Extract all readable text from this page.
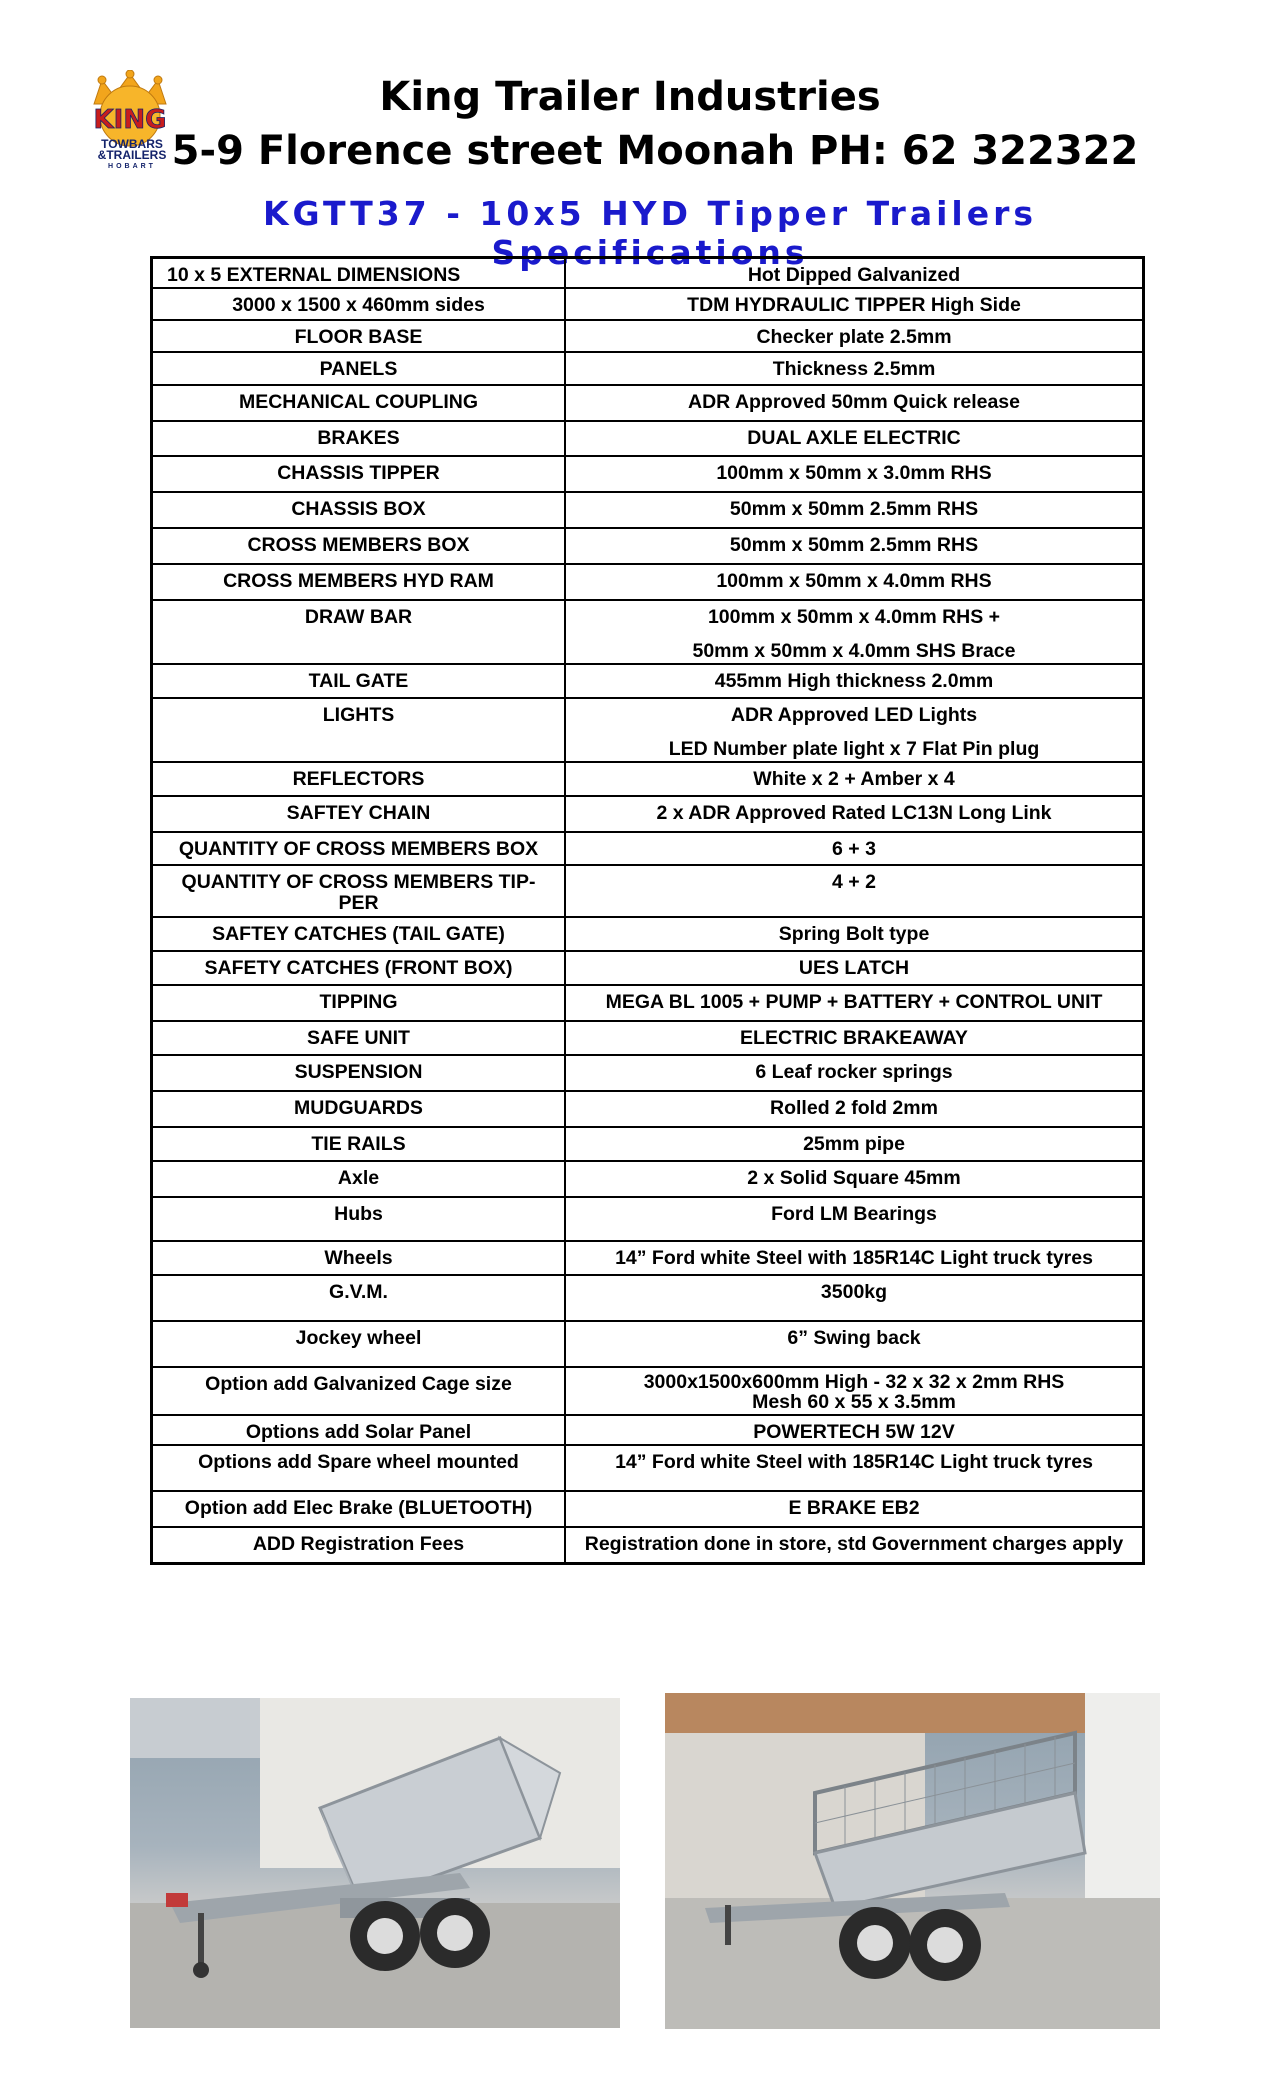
KING
TOWBARS
&TRAILERS
HOBART
King Trailer Industries
5-9 Florence street Moonah PH: 62 322322
KGTT37 - 10x5 HYD Tipper Trailers Specifications
10 x 5 EXTERNAL DIMENSIONS	Hot Dipped Galvanized

3000 x 1500 x 460mm sides	TDM HYDRAULIC TIPPER High Side

FLOOR BASE	Checker plate 2.5mm

PANELS	Thickness 2.5mm

MECHANICAL COUPLING	ADR Approved 50mm Quick release

BRAKES	DUAL AXLE ELECTRIC

CHASSIS TIPPER	100mm x 50mm x 3.0mm RHS

CHASSIS BOX	50mm x 50mm 2.5mm RHS

CROSS MEMBERS BOX	50mm x 50mm 2.5mm RHS

CROSS MEMBERS HYD RAM	100mm x 50mm x 4.0mm RHS

DRAW BAR	100mm x 50mm x 4.0mm RHS +
50mm x 50mm x 4.0mm SHS Brace

TAIL GATE	455mm High thickness 2.0mm

LIGHTS	ADR Approved LED Lights
LED Number plate light x 7 Flat Pin plug

REFLECTORS	White x 2 + Amber x 4

SAFTEY CHAIN	2 x ADR Approved Rated LC13N Long Link

QUANTITY OF CROSS MEMBERS BOX	6 + 3

QUANTITY OF CROSS MEMBERS TIP-
PER	4 + 2

SAFTEY CATCHES (TAIL GATE)	Spring Bolt type

SAFETY CATCHES (FRONT BOX)	UES LATCH

TIPPING	MEGA BL 1005 + PUMP + BATTERY + CONTROL UNIT

SAFE UNIT	ELECTRIC BRAKEAWAY

SUSPENSION	6 Leaf rocker springs

MUDGUARDS	Rolled 2 fold 2mm

TIE RAILS	25mm pipe

Axle	2 x Solid Square 45mm

Hubs	Ford LM Bearings

Wheels	14” Ford white Steel with 185R14C Light truck tyres

G.V.M.	3500kg

Jockey wheel	6” Swing back

Option add Galvanized Cage size	3000x1500x600mm High - 32 x 32 x 2mm RHS
Mesh 60 x 55 x 3.5mm

Options add Solar Panel	POWERTECH 5W 12V

Options add Spare wheel mounted	14” Ford white Steel with 185R14C Light truck tyres

Option add Elec Brake (BLUETOOTH)	E BRAKE EB2

ADD Registration Fees	Registration done in store, std Government charges apply
